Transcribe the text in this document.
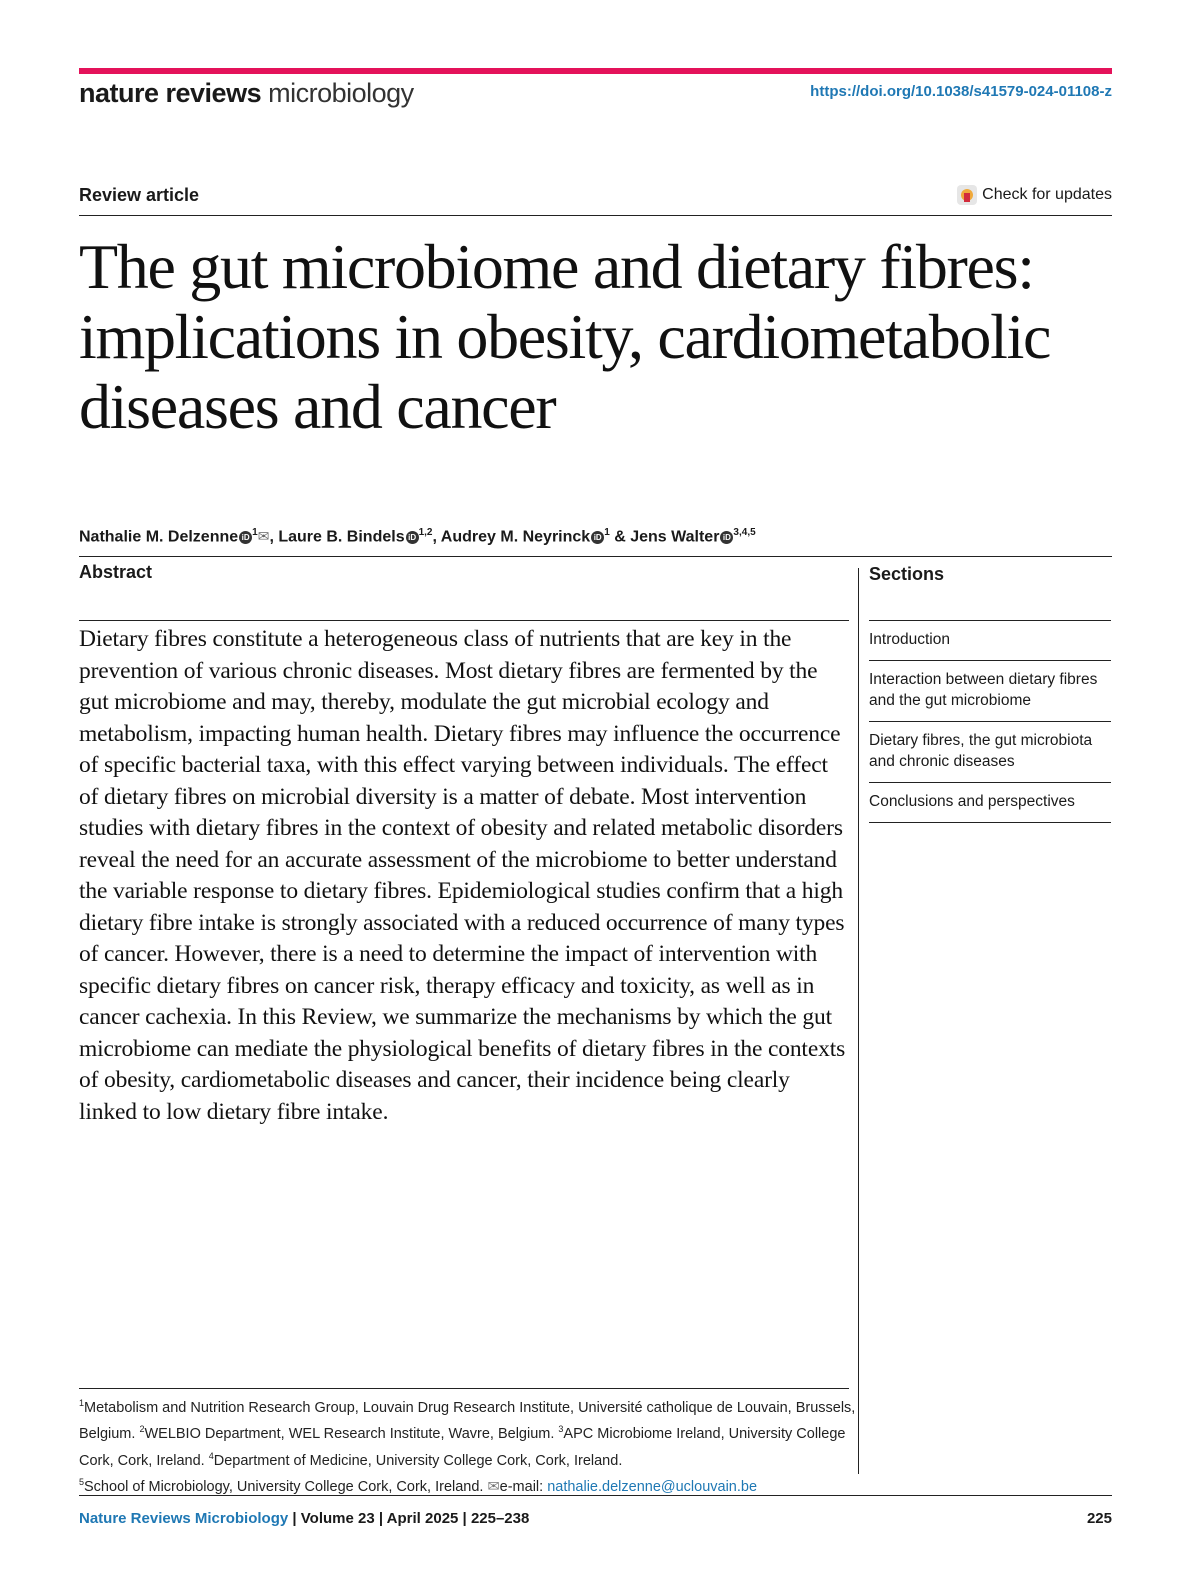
nature reviews microbiology	https://doi.org/10.1038/s41579-024-01108-z
Review article	Check for updates
The gut microbiome and dietary fibres: implications in obesity, cardiometabolic diseases and cancer
Nathalie M. Delzenne iD $^1$✉, Laure B. Bindels iD $^{1,2}$, Audrey M. Neyrinck iD $^1$ & Jens Walter iD $^{3,4,5}$
Abstract
Dietary fibres constitute a heterogeneous class of nutrients that are key in the prevention of various chronic diseases. Most dietary fibres are fermented by the gut microbiome and may, thereby, modulate the gut microbial ecology and metabolism, impacting human health. Dietary fibres may influence the occurrence of specific bacterial taxa, with this effect varying between individuals. The effect of dietary fibres on microbial diversity is a matter of debate. Most intervention studies with dietary fibres in the context of obesity and related metabolic disorders reveal the need for an accurate assessment of the microbiome to better understand the variable response to dietary fibres. Epidemiological studies confirm that a high dietary fibre intake is strongly associated with a reduced occurrence of many types of cancer. However, there is a need to determine the impact of intervention with specific dietary fibres on cancer risk, therapy efficacy and toxicity, as well as in cancer cachexia. In this Review, we summarize the mechanisms by which the gut microbiome can mediate the physiological benefits of dietary fibres in the contexts of obesity, cardiometabolic diseases and cancer, their incidence being clearly linked to low dietary fibre intake.
Sections
Introduction
Interaction between dietary fibres and the gut microbiome
Dietary fibres, the gut microbiota and chronic diseases
Conclusions and perspectives
$^1$Metabolism and Nutrition Research Group, Louvain Drug Research Institute, Université catholique de Louvain, Brussels, Belgium. $^2$WELBIO Department, WEL Research Institute, Wavre, Belgium. $^3$APC Microbiome Ireland, University College Cork, Cork, Ireland. $^4$Department of Medicine, University College Cork, Cork, Ireland.
$^5$School of Microbiology, University College Cork, Cork, Ireland. ✉e-mail: nathalie.delzenne@uclouvain.be
Nature Reviews Microbiology | Volume 23 | April 2025 | 225–238	225
